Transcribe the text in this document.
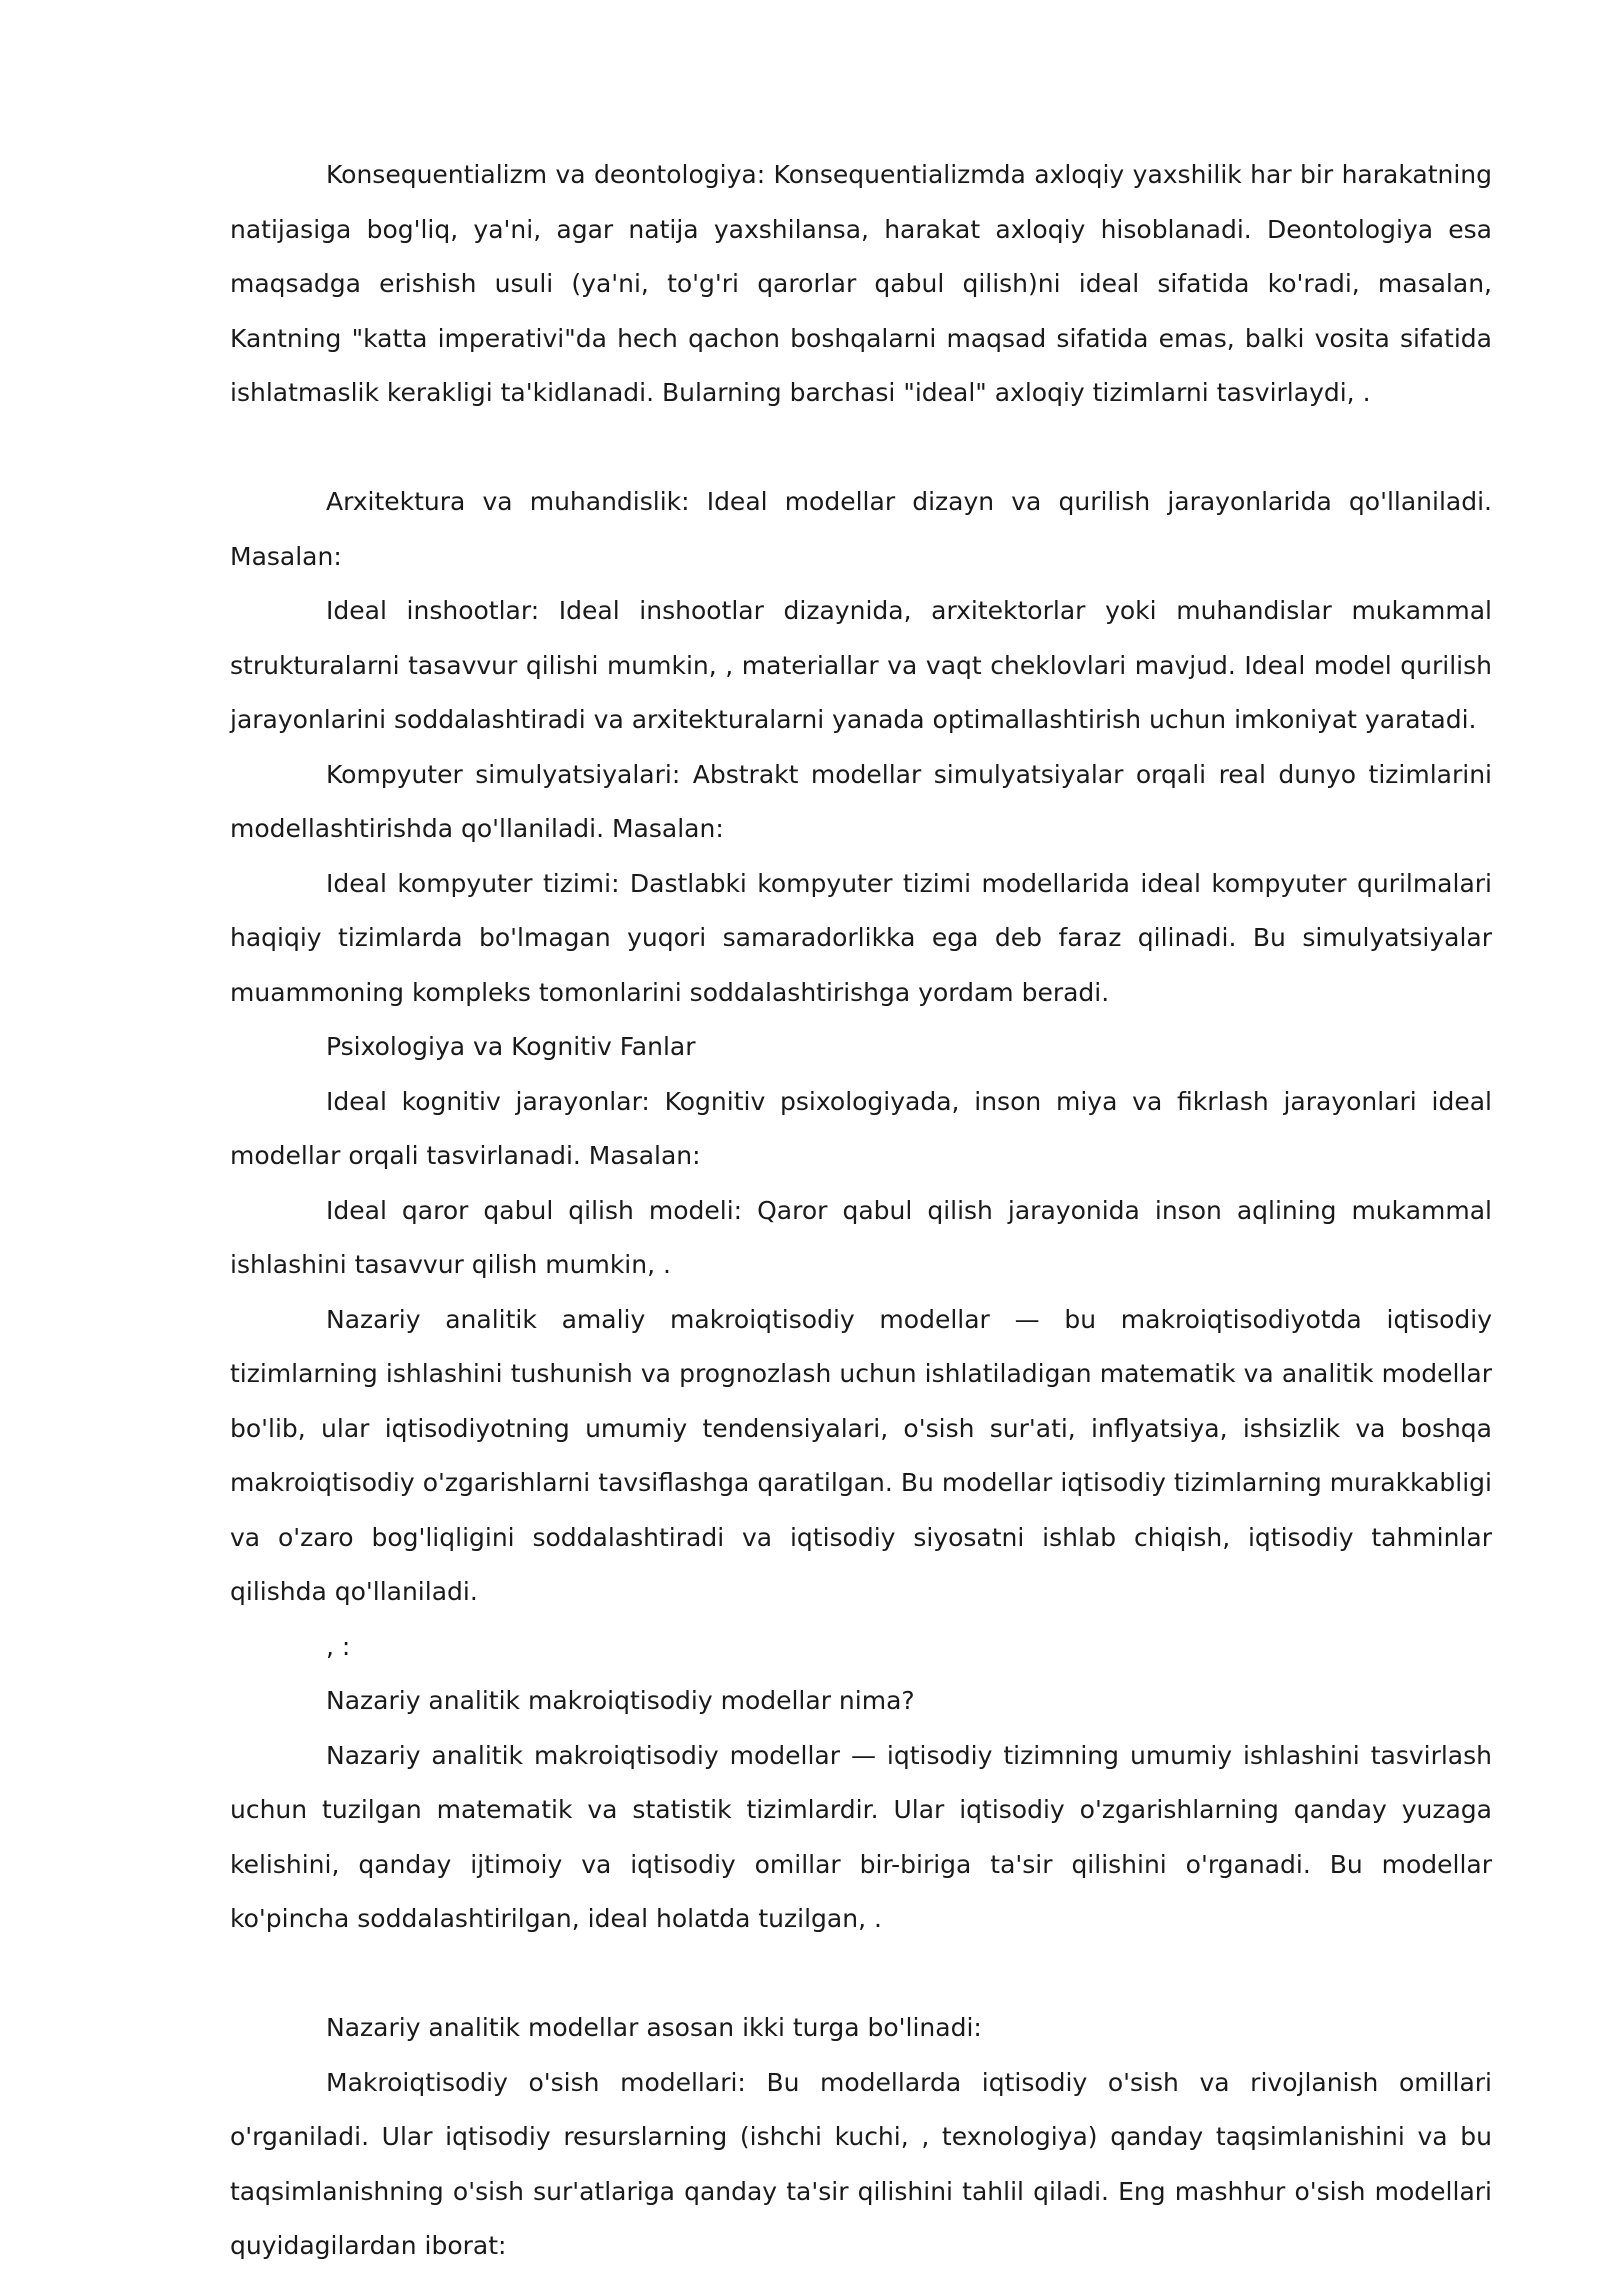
Konsequentializm va deontologiya: Konsequentializmda axloqiy yaxshilik har bir harakatning natijasiga bog'liq, ya'ni, agar natija yaxshilansa, harakat axloqiy hisoblanadi. Deontologiya esa maqsadga erishish usuli (ya'ni, to'g'ri qarorlar qabul qilish)ni ideal sifatida ko'radi, masalan, Kantning "katta imperativi"da hech qachon boshqalarni maqsad sifatida emas, balki vosita sifatida ishlatmaslik kerakligi ta'kidlanadi. Bularning barchasi "ideal" axloqiy tizimlarni tasvirlaydi, .

Arxitektura va muhandislik: Ideal modellar dizayn va qurilish jarayonlarida qo'llaniladi. Masalan:

Ideal inshootlar: Ideal inshootlar dizaynida, arxitektorlar yoki muhandislar mukammal strukturalarni tasavvur qilishi mumkin, , materiallar va vaqt cheklovlari mavjud. Ideal model qurilish jarayonlarini soddalashtiradi va arxitekturalarni yanada optimallashtirish uchun imkoniyat yaratadi.

Kompyuter simulyatsiyalari: Abstrakt modellar simulyatsiyalar orqali real dunyo tizimlarini modellashtirishda qo'llaniladi. Masalan:

Ideal kompyuter tizimi: Dastlabki kompyuter tizimi modellarida ideal kompyuter qurilmalari haqiqiy tizimlarda bo'lmagan yuqori samaradorlikka ega deb faraz qilinadi. Bu simulyatsiyalar muammoning kompleks tomonlarini soddalashtirishga yordam beradi.

Psixologiya va Kognitiv Fanlar

Ideal kognitiv jarayonlar: Kognitiv psixologiyada, inson miya va fikrlash jarayonlari ideal modellar orqali tasvirlanadi. Masalan:

Ideal qaror qabul qilish modeli: Qaror qabul qilish jarayonida inson aqlining mukammal ishlashini tasavvur qilish mumkin, .

Nazariy analitik amaliy makroiqtisodiy modellar — bu makroiqtisodiyotda iqtisodiy tizimlarning ishlashini tushunish va prognozlash uchun ishlatiladigan matematik va analitik modellar bo'lib, ular iqtisodiyotning umumiy tendensiyalari, o'sish sur'ati, inflyatsiya, ishsizlik va boshqa makroiqtisodiy o'zgarishlarni tavsiflashga qaratilgan. Bu modellar iqtisodiy tizimlarning murakkabligi va o'zaro bog'liqligini soddalashtiradi va iqtisodiy siyosatni ishlab chiqish, iqtisodiy tahminlar qilishda qo'llaniladi.

, :

Nazariy analitik makroiqtisodiy modellar nima?

Nazariy analitik makroiqtisodiy modellar — iqtisodiy tizimning umumiy ishlashini tasvirlash uchun tuzilgan matematik va statistik tizimlardir. Ular iqtisodiy o'zgarishlarning qanday yuzaga kelishini, qanday ijtimoiy va iqtisodiy omillar bir-biriga ta'sir qilishini o'rganadi. Bu modellar ko'pincha soddalashtirilgan, ideal holatda tuzilgan, .

Nazariy analitik modellar asosan ikki turga bo'linadi:

Makroiqtisodiy o'sish modellari: Bu modellarda iqtisodiy o'sish va rivojlanish omillari o'rganiladi. Ular iqtisodiy resurslarning (ishchi kuchi, , texnologiya) qanday taqsimlanishini va bu taqsimlanishning o'sish sur'atlariga qanday ta'sir qilishini tahlil qiladi. Eng mashhur o'sish modellari quyidagilardan iborat:
